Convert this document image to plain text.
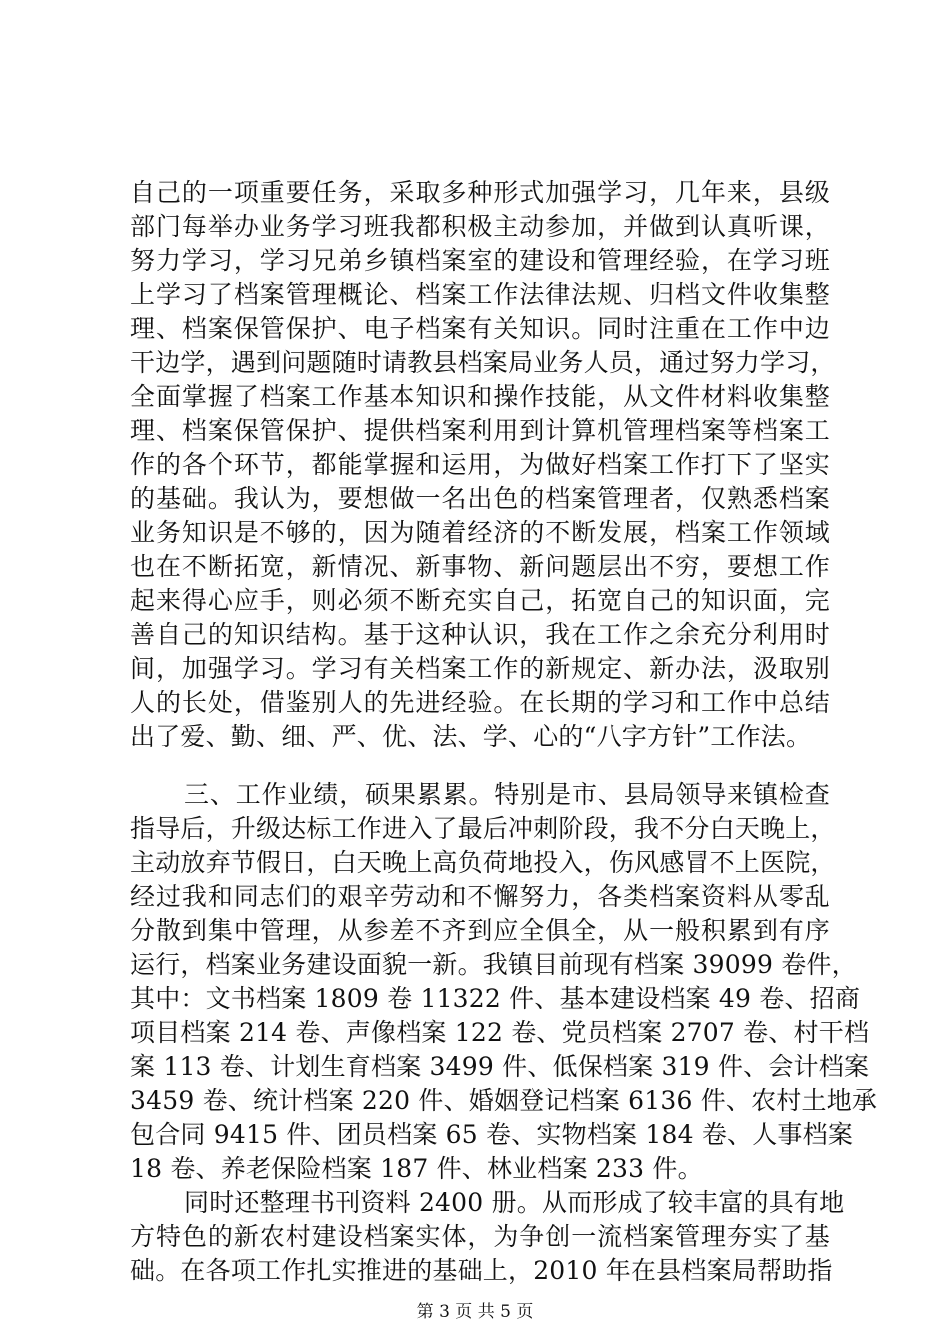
自己的一项重要任务，采取多种形式加强学习，几年来，县级
部门每举办业务学习班我都积极主动参加，并做到认真听课，
努力学习，学习兄弟乡镇档案室的建设和管理经验，在学习班
上学习了档案管理概论、档案工作法律法规、归档文件收集整
理、档案保管保护、电子档案有关知识。同时注重在工作中边
干边学，遇到问题随时请教县档案局业务人员，通过努力学习，
全面掌握了档案工作基本知识和操作技能，从文件材料收集整
理、档案保管保护、提供档案利用到计算机管理档案等档案工
作的各个环节，都能掌握和运用，为做好档案工作打下了坚实
的基础。我认为，要想做一名出色的档案管理者，仅熟悉档案
业务知识是不够的，因为随着经济的不断发展，档案工作领域
也在不断拓宽，新情况、新事物、新问题层出不穷，要想工作
起来得心应手，则必须不断充实自己，拓宽自己的知识面，完
善自己的知识结构。基于这种认识，我在工作之余充分利用时
间，加强学习。学习有关档案工作的新规定、新办法，汲取别
人的长处，借鉴别人的先进经验。在长期的学习和工作中总结
出了爱、勤、细、严、优、法、学、心的“八字方针”工作法。
三、工作业绩，硕果累累。特别是市、县局领导来镇检查
指导后，升级达标工作进入了最后冲刺阶段，我不分白天晚上，
主动放弃节假日，白天晚上高负荷地投入，伤风感冒不上医院，
经过我和同志们的艰辛劳动和不懈努力，各类档案资料从零乱
分散到集中管理，从参差不齐到应全俱全，从一般积累到有序
运行，档案业务建设面貌一新。我镇目前现有档案 39099 卷件，
其中：文书档案 1809 卷 11322 件、基本建设档案 49 卷、招商
项目档案 214 卷、声像档案 122 卷、党员档案 2707 卷、村干档
案 113 卷、计划生育档案 3499 件、低保档案 319 件、会计档案
3459 卷、统计档案 220 件、婚姻登记档案 6136 件、农村土地承
包合同 9415 件、团员档案 65 卷、实物档案 184 卷、人事档案
18 卷、养老保险档案 187 件、林业档案 233 件。
同时还整理书刊资料 2400 册。从而形成了较丰富的具有地
方特色的新农村建设档案实体，为争创一流档案管理夯实了基
础。在各项工作扎实推进的基础上，2010 年在县档案局帮助指
第 3 页 共 5 页
